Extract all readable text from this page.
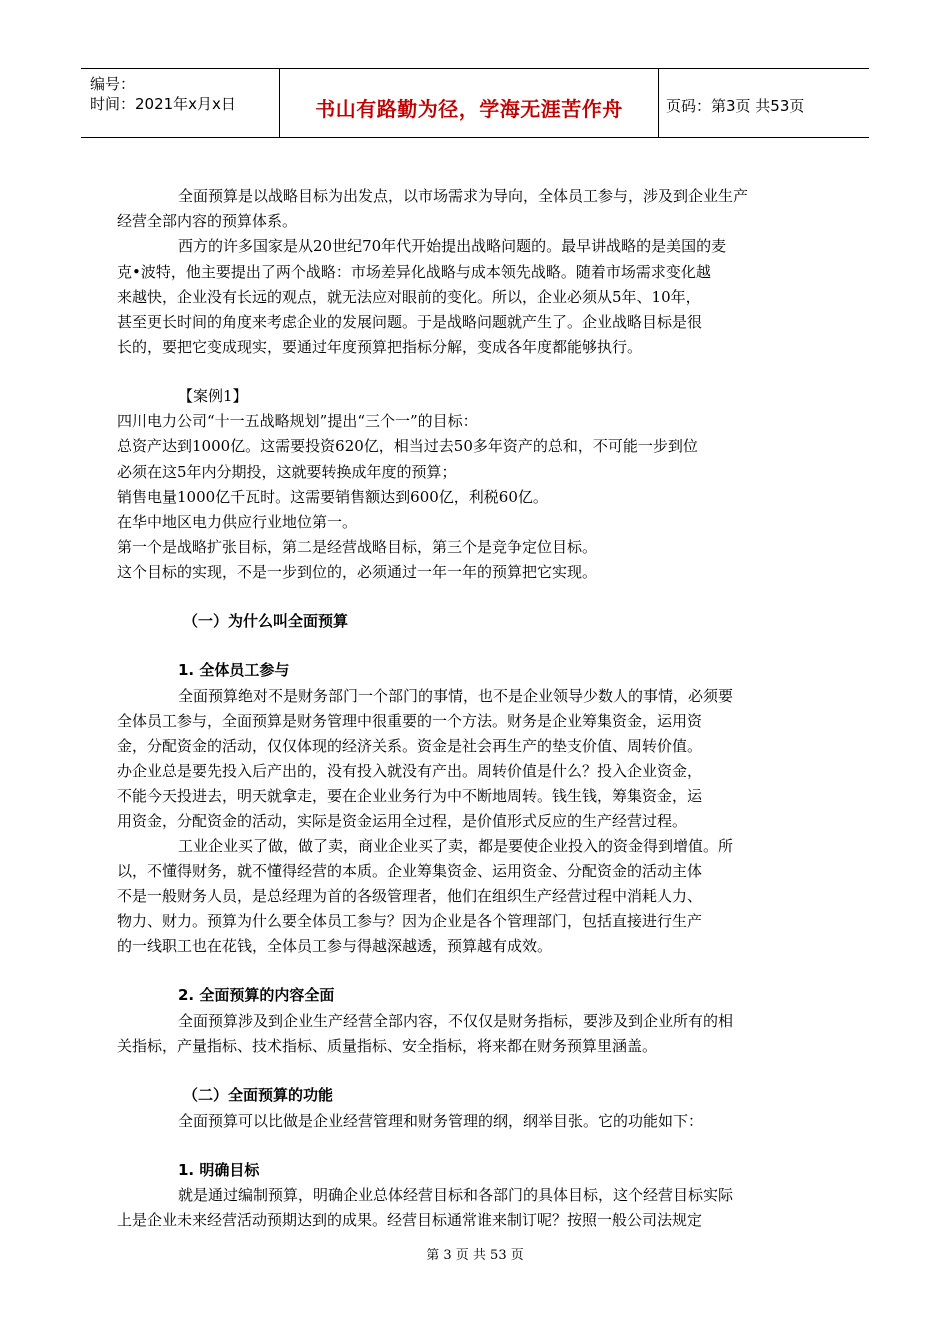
编号：
时间：2021年x月x日	书山有路勤为径，学海无涯苦作舟	页码：第3页 共53页
全面预算是以战略目标为出发点，以市场需求为导向，全体员工参与，涉及到企业生产
经营全部内容的预算体系。
西方的许多国家是从20世纪70年代开始提出战略问题的。最早讲战略的是美国的麦
克•波特，他主要提出了两个战略：市场差异化战略与成本领先战略。随着市场需求变化越
来越快，企业没有长远的观点，就无法应对眼前的变化。所以，企业必须从5年、10年，
甚至更长时间的角度来考虑企业的发展问题。于是战略问题就产生了。企业战略目标是很
长的，要把它变成现实，要通过年度预算把指标分解，变成各年度都能够执行。
【案例1】
四川电力公司“十一五战略规划”提出“三个一”的目标：
总资产达到1000亿。这需要投资620亿，相当过去50多年资产的总和，不可能一步到位
必须在这5年内分期投，这就要转换成年度的预算；
销售电量1000亿千瓦时。这需要销售额达到600亿，利税60亿。
在华中地区电力供应行业地位第一。
第一个是战略扩张目标，第二是经营战略目标，第三个是竞争定位目标。
这个目标的实现，不是一步到位的，必须通过一年一年的预算把它实现。
（一）为什么叫全面预算
1. 全体员工参与
全面预算绝对不是财务部门一个部门的事情，也不是企业领导少数人的事情，必须要
全体员工参与，全面预算是财务管理中很重要的一个方法。财务是企业筹集资金，运用资
金，分配资金的活动，仅仅体现的经济关系。资金是社会再生产的垫支价值、周转价值。
办企业总是要先投入后产出的，没有投入就没有产出。周转价值是什么？投入企业资金，
不能今天投进去，明天就拿走，要在企业业务行为中不断地周转。钱生钱，筹集资金，运
用资金，分配资金的活动，实际是资金运用全过程，是价值形式反应的生产经营过程。
工业企业买了做，做了卖，商业企业买了卖，都是要使企业投入的资金得到增值。所
以，不懂得财务，就不懂得经营的本质。企业筹集资金、运用资金、分配资金的活动主体
不是一般财务人员，是总经理为首的各级管理者，他们在组织生产经营过程中消耗人力、
物力、财力。预算为什么要全体员工参与？因为企业是各个管理部门，包括直接进行生产
的一线职工也在花钱，全体员工参与得越深越透，预算越有成效。
2. 全面预算的内容全面
全面预算涉及到企业生产经营全部内容，不仅仅是财务指标，要涉及到企业所有的相
关指标，产量指标、技术指标、质量指标、安全指标，将来都在财务预算里涵盖。
（二）全面预算的功能
全面预算可以比做是企业经营管理和财务管理的纲，纲举目张。它的功能如下：
1. 明确目标
就是通过编制预算，明确企业总体经营目标和各部门的具体目标，这个经营目标实际
上是企业未来经营活动预期达到的成果。经营目标通常谁来制订呢？按照一般公司法规定
第 3 页 共 53 页
